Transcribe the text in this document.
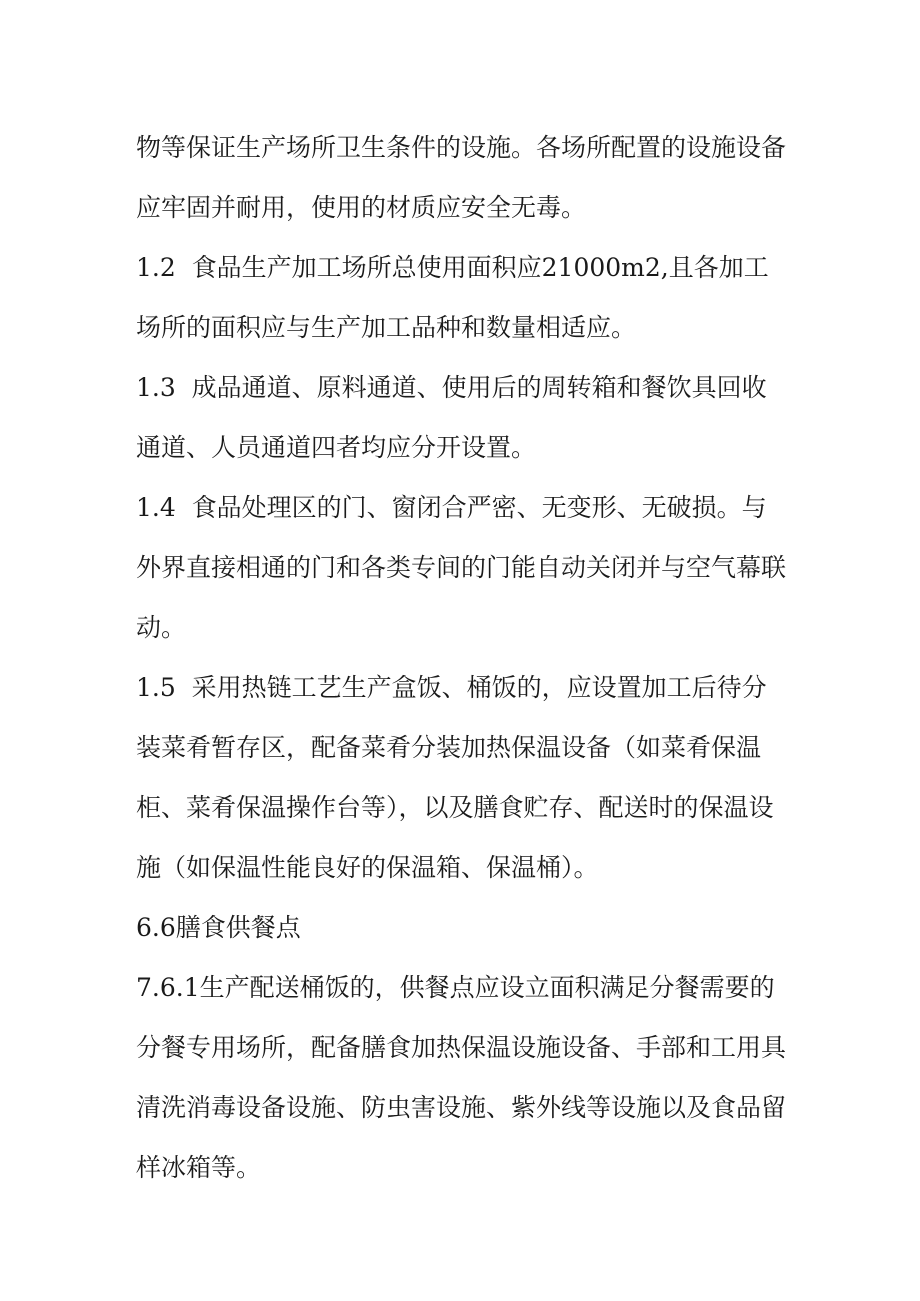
物等保证生产场所卫生条件的设施。各场所配置的设施设备应牢固并耐用，使用的材质应安全无毒。

1.2  食品生产加工场所总使用面积应21000m2,且各加工场所的面积应与生产加工品种和数量相适应。

1.3  成品通道、原料通道、使用后的周转箱和餐饮具回收通道、人员通道四者均应分开设置。

1.4  食品处理区的门、窗闭合严密、无变形、无破损。与外界直接相通的门和各类专间的门能自动关闭并与空气幕联动。

1.5  采用热链工艺生产盒饭、桶饭的，应设置加工后待分装菜肴暂存区，配备菜肴分装加热保温设备（如菜肴保温柜、菜肴保温操作台等），以及膳食贮存、配送时的保温设施（如保温性能良好的保温箱、保温桶）。

6.6膳食供餐点

7.6.1生产配送桶饭的，供餐点应设立面积满足分餐需要的分餐专用场所，配备膳食加热保温设施设备、手部和工用具清洗消毒设备设施、防虫害设施、紫外线等设施以及食品留样冰箱等。
